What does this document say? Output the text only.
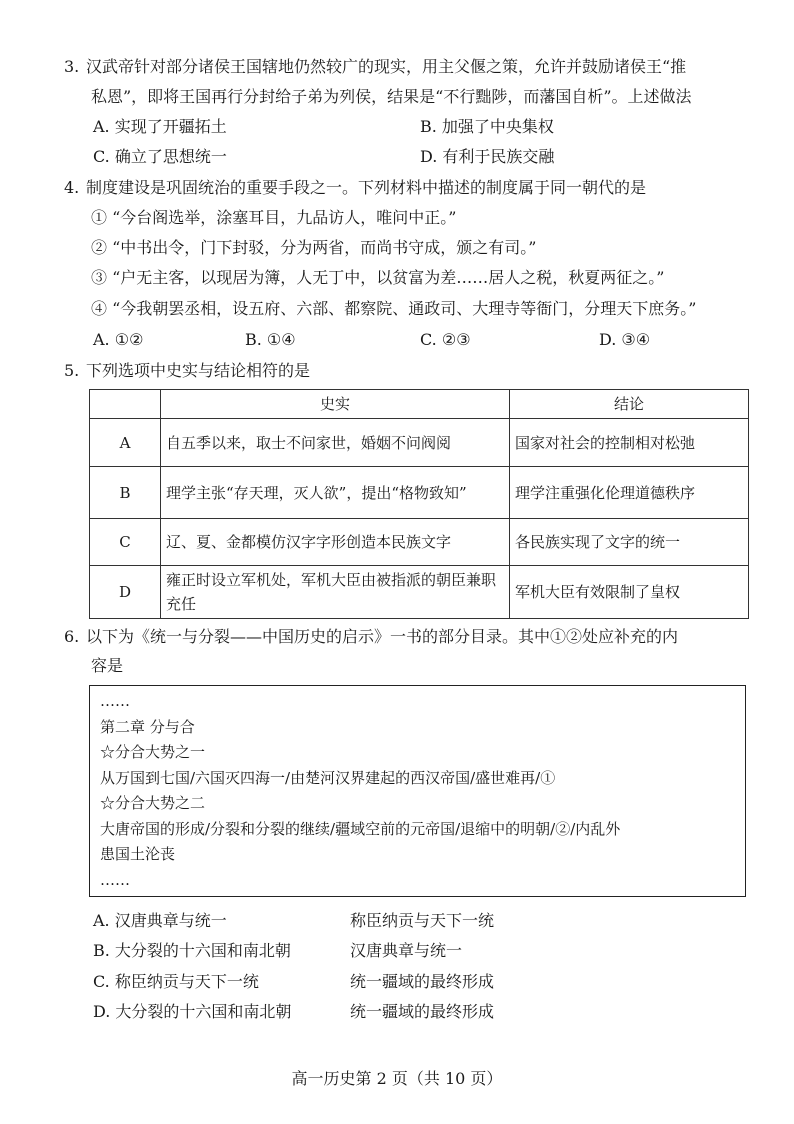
3. 汉武帝针对部分诸侯王国辖地仍然较广的现实，用主父偃之策，允许并鼓励诸侯王“推
私恩”，即将王国再行分封给子弟为列侯，结果是“不行黜陟，而藩国自析”。上述做法
A. 实现了开疆拓土	B. 加强了中央集权
C. 确立了思想统一	D. 有利于民族交融
4. 制度建设是巩固统治的重要手段之一。下列材料中描述的制度属于同一朝代的是
① “今台阁选举，涂塞耳目，九品访人，唯问中正。”
② “中书出令，门下封驳，分为两省，而尚书守成，颁之有司。”
③ “户无主客，以现居为簿，人无丁中，以贫富为差……居人之税，秋夏两征之。”
④ “今我朝罢丞相，设五府、六部、都察院、通政司、大理寺等衙门，分理天下庶务。”
A. ①②	B. ①④	C. ②③	D. ③④
5. 下列选项中史实与结论相符的是
	史实	结论
A	自五季以来，取士不问家世，婚姻不问阀阅	国家对社会的控制相对松弛
B	理学主张“存天理，灭人欲”，提出“格物致知”	理学注重强化伦理道德秩序
C	辽、夏、金都模仿汉字字形创造本民族文字	各民族实现了文字的统一
D	雍正时设立军机处，军机大臣由被指派的朝臣兼职充任	军机大臣有效限制了皇权
6. 以下为《统一与分裂——中国历史的启示》一书的部分目录。其中①②处应补充的内
容是
……
第二章 分与合
☆分合大势之一
从万国到七国/六国灭四海一/由楚河汉界建起的西汉帝国/盛世难再/①
☆分合大势之二
大唐帝国的形成/分裂和分裂的继续/疆域空前的元帝国/退缩中的明朝/②/内乱外
患国土沦丧
……
A. 汉唐典章与统一	称臣纳贡与天下一统
B. 大分裂的十六国和南北朝	汉唐典章与统一
C. 称臣纳贡与天下一统	统一疆域的最终形成
D. 大分裂的十六国和南北朝	统一疆域的最终形成
高一历史第 2 页（共 10 页）
